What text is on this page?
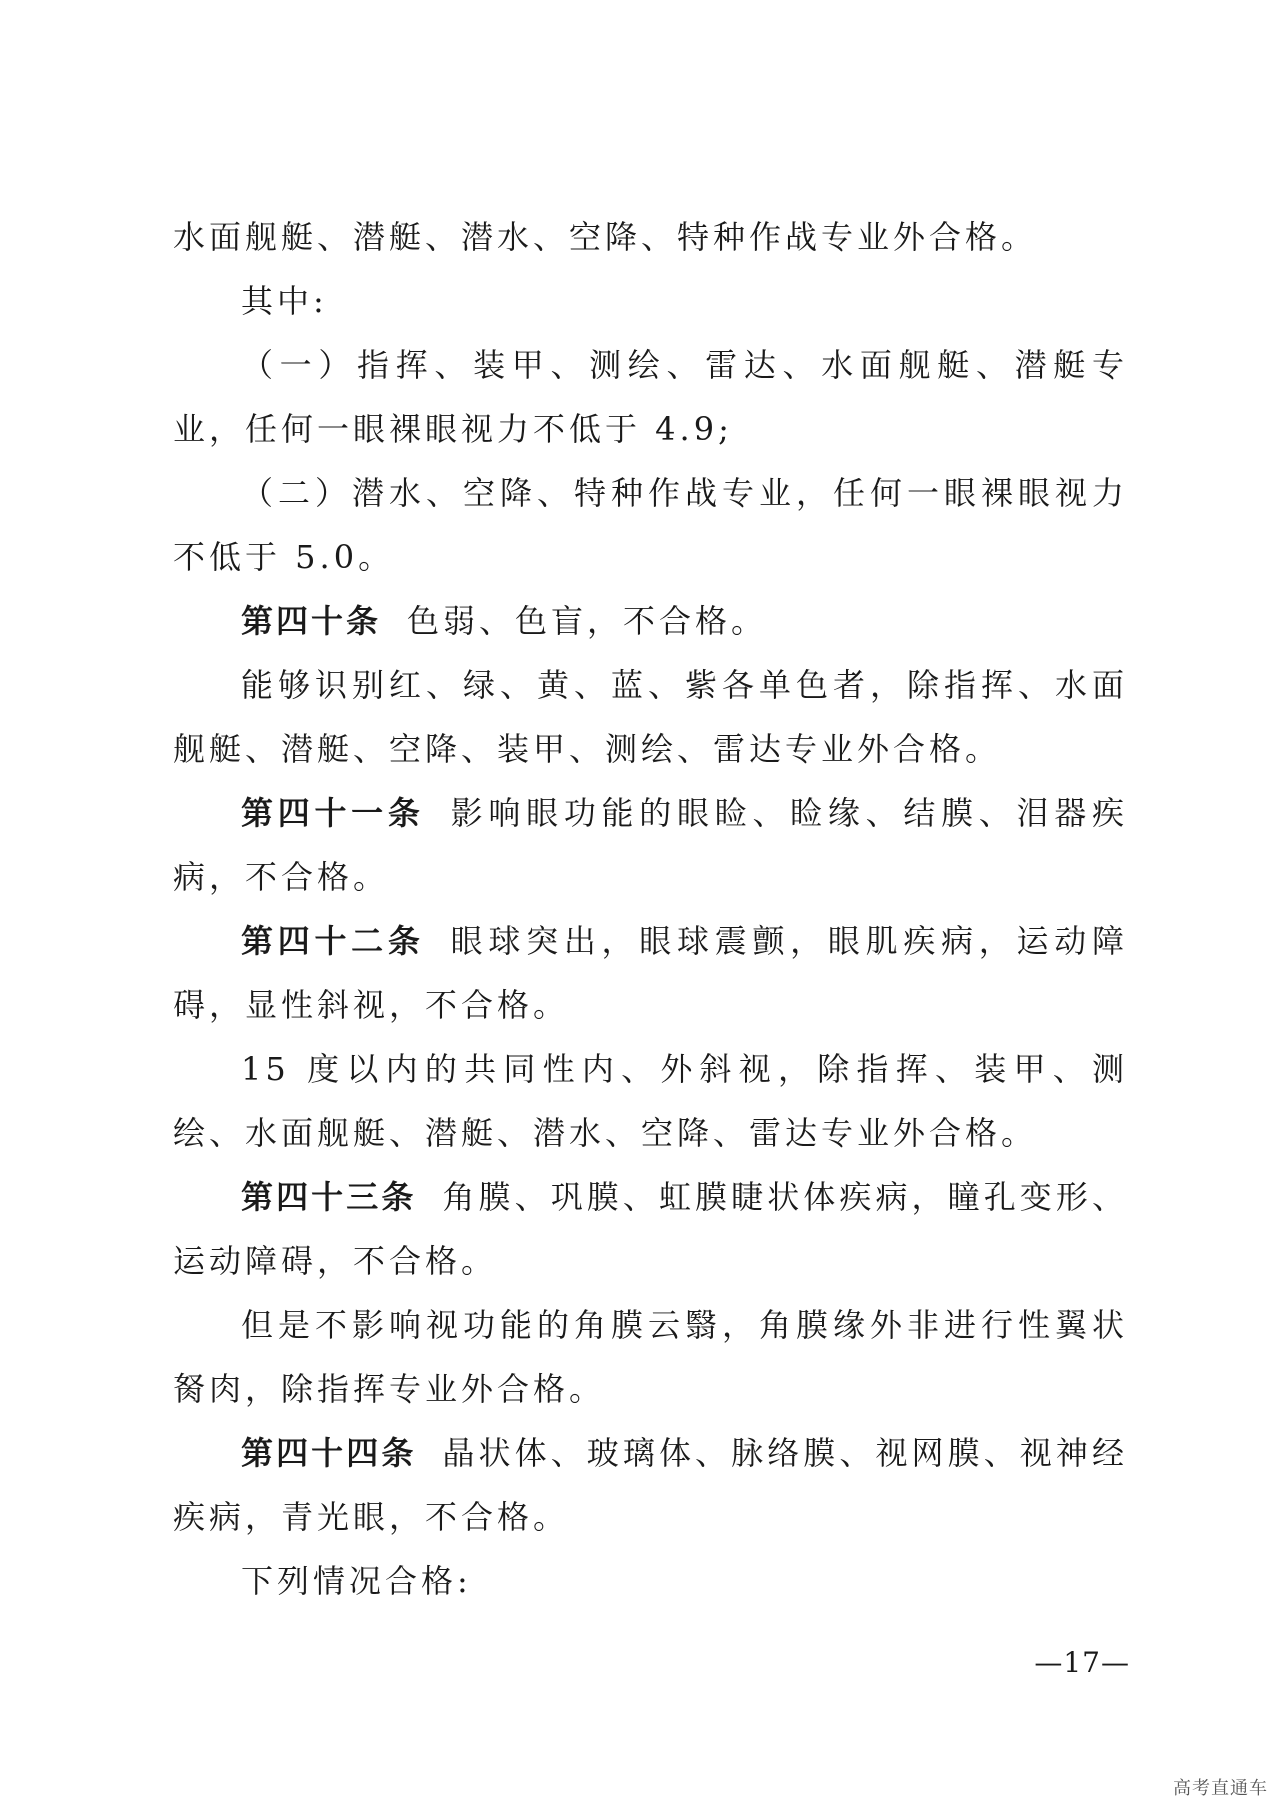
水面舰艇、潜艇、潜水、空降、特种作战专业外合格。

其中:

（一）指挥、装甲、测绘、雷达、水面舰艇、潜艇专业，任何一眼裸眼视力不低于 4.9;

（二）潜水、空降、特种作战专业，任何一眼裸眼视力不低于 5.0。

第四十条 色弱、色盲，不合格。

能够识别红、绿、黄、蓝、紫各单色者，除指挥、水面舰艇、潜艇、空降、装甲、测绘、雷达专业外合格。

第四十一条 影响眼功能的眼睑、睑缘、结膜、泪器疾病，不合格。

第四十二条 眼球突出，眼球震颤，眼肌疾病，运动障碍，显性斜视，不合格。

15 度以内的共同性内、外斜视，除指挥、装甲、测绘、水面舰艇、潜艇、潜水、空降、雷达专业外合格。

第四十三条 角膜、巩膜、虹膜睫状体疾病，瞳孔变形、运动障碍，不合格。

但是不影响视功能的角膜云翳，角膜缘外非进行性翼状胬肉，除指挥专业外合格。

第四十四条 晶状体、玻璃体、脉络膜、视网膜、视神经疾病，青光眼，不合格。

下列情况合格:

—17—
高考直通车
